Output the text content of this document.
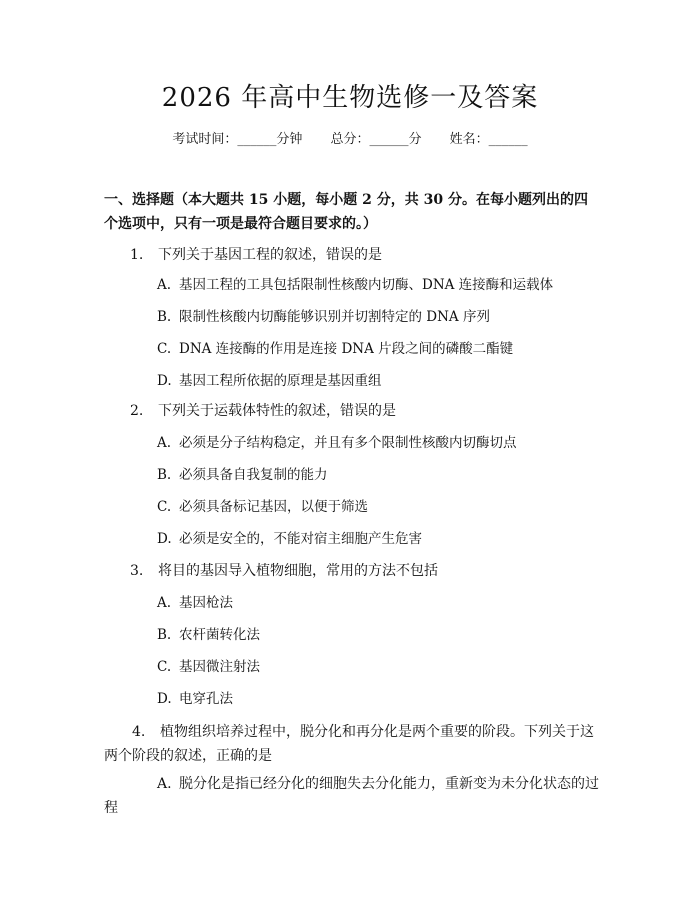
2026 年高中生物选修一及答案
考试时间：______分钟 总分：______分 姓名：______
一、选择题（本大题共 15 小题，每小题 2 分，共 30 分。在每小题列出的四个选项中，只有一项是最符合题目要求的。）
1. 下列关于基因工程的叙述，错误的是
A. 基因工程的工具包括限制性核酸内切酶、DNA 连接酶和运载体
B. 限制性核酸内切酶能够识别并切割特定的 DNA 序列
C. DNA 连接酶的作用是连接 DNA 片段之间的磷酸二酯键
D. 基因工程所依据的原理是基因重组
2. 下列关于运载体特性的叙述，错误的是
A. 必须是分子结构稳定，并且有多个限制性核酸内切酶切点
B. 必须具备自我复制的能力
C. 必须具备标记基因，以便于筛选
D. 必须是安全的，不能对宿主细胞产生危害
3. 将目的基因导入植物细胞，常用的方法不包括
A. 基因枪法
B. 农杆菌转化法
C. 基因微注射法
D. 电穿孔法
4. 植物组织培养过程中，脱分化和再分化是两个重要的阶段。下列关于这两个阶段的叙述，正确的是
A. 脱分化是指已经分化的细胞失去分化能力，重新变为未分化状态的过程
